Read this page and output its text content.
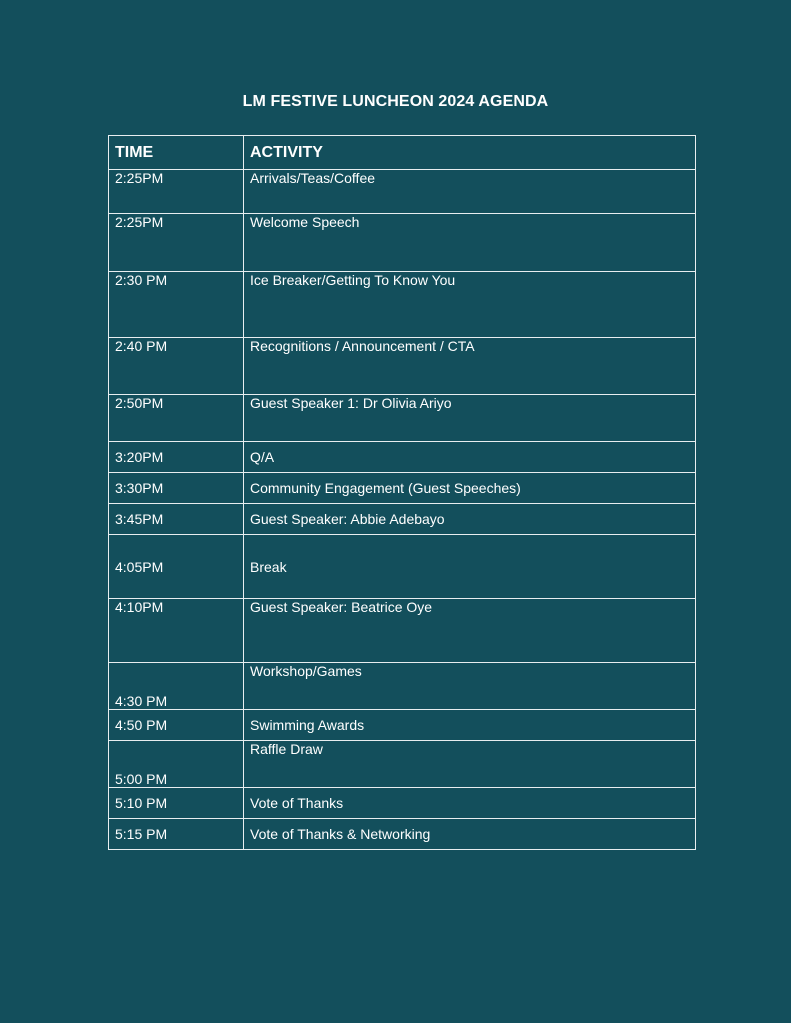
LM FESTIVE LUNCHEON 2024 AGENDA
TIME	ACTIVITY
2:25PM	Arrivals/Teas/Coffee
2:25PM	Welcome Speech
2:30 PM	Ice Breaker/Getting To Know You
2:40 PM	Recognitions / Announcement / CTA
2:50PM	Guest Speaker 1: Dr Olivia Ariyo
3:20PM	Q/A
3:30PM	Community Engagement (Guest Speeches)
3:45PM	Guest Speaker: Abbie Adebayo
4:05PM	Break
4:10PM	Guest Speaker: Beatrice Oye
4:30 PM	Workshop/Games
4:50 PM	Swimming Awards
5:00 PM	Raffle Draw
5:10 PM	Vote of Thanks
5:15 PM	Vote of Thanks & Networking
